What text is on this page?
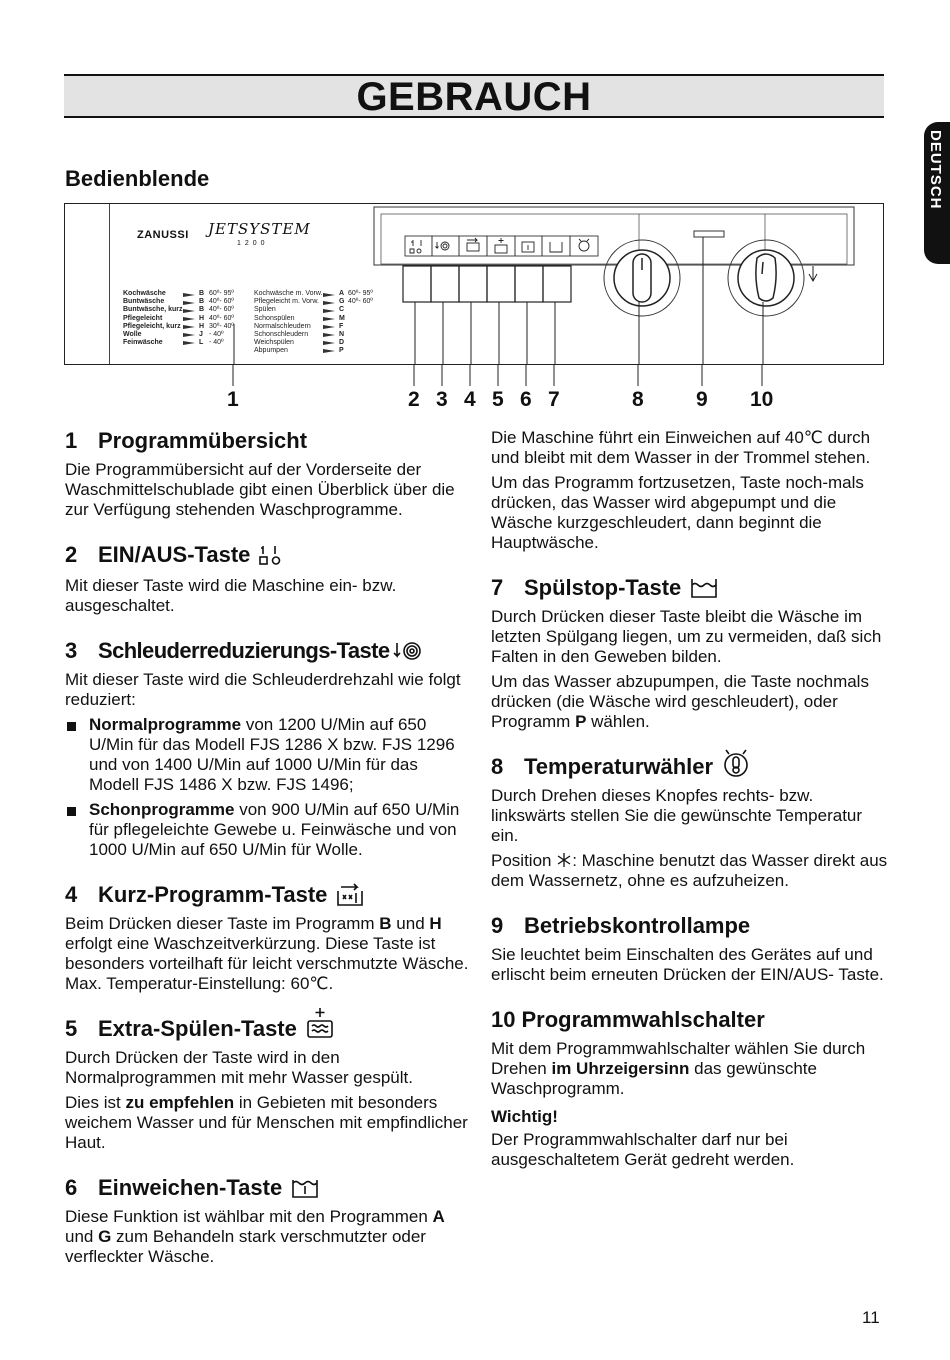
GEBRAUCH
DEUTSCH
Bedienblende
ZANUSSI JETSYSTEM
1200
Kochwäsche	B 60º- 95º
Buntwäsche	B 40º- 60º
Buntwäsche, kurz B 40º- 60º
Pflegeleicht	H 40º- 60º
Pflegeleicht, kurz	H 30º- 40º
Wolle	J - 40º
Feinwäsche	L - 40º
Kochwäsche m. Vorw. A 60º- 95º
Pflegeleicht m. Vorw.	G 40º- 60º
Spülen	C
Schonspülen	M
Normalschleudern	F
Schonschleudern	N
Weichspülen	D
Abpumpen	P
1	2 3 4 5 6 7	8 9 10
1 Programmübersicht

Die Programmübersicht auf der Vorderseite der Waschmittelschublade gibt einen Überblick über die zur Verfügung stehenden Waschprogramme.

2 EIN/AUS-Taste

Mit dieser Taste wird die Maschine ein- bzw. ausgeschaltet.

3 Schleuderreduzierungs-Taste

Mit dieser Taste wird die Schleuderdrehzahl wie folgt reduziert:

Normalprogramme von 1200 U/Min auf 650 U/Min für das Modell FJS 1286 X bzw. FJS 1296 und von 1400 U/Min auf 1000 U/Min für das Modell FJS 1486 X bzw. FJS 1496;
Schonprogramme von 900 U/Min auf 650 U/Min für pflegeleichte Gewebe u. Feinwäsche und von 1000 U/Min auf 650 U/Min für Wolle.
4 Kurz-Programm-Taste

Beim Drücken dieser Taste im Programm B und H erfolgt eine Waschzeitverkürzung. Diese Taste ist besonders vorteilhaft für leicht verschmutzte Wäsche. Max. Temperatur-Einstellung: 60℃.

5 Extra-Spülen-Taste

Durch Drücken der Taste wird in den Normalprogrammen mit mehr Wasser gespült.

Dies ist zu empfehlen in Gebieten mit besonders weichem Wasser und für Menschen mit empfindlicher Haut.

6 Einweichen-Taste

Diese Funktion ist wählbar mit den Programmen A und G zum Behandeln stark verschmutzter oder verfleckter Wäsche.

Die Maschine führt ein Einweichen auf 40℃ durch und bleibt mit dem Wasser in der Trommel stehen.

Um das Programm fortzusetzen, Taste noch-mals drücken, das Wasser wird abgepumpt und die Wäsche kurzgeschleudert, dann beginnt die Hauptwäsche.

7 Spülstop-Taste

Durch Drücken dieser Taste bleibt die Wäsche im letzten Spülgang liegen, um zu vermeiden, daß sich Falten in den Geweben bilden.

Um das Wasser abzupumpen, die Taste nochmals drücken (die Wäsche wird geschleudert), oder Programm P wählen.

8 Temperaturwähler

Durch Drehen dieses Knopfes rechts- bzw. linkswärts stellen Sie die gewünschte Temperatur ein.

Position : Maschine benutzt das Wasser direkt aus dem Wassernetz, ohne es aufzuheizen.

9 Betriebskontrollampe

Sie leuchtet beim Einschalten des Gerätes auf und erlischt beim erneuten Drücken der EIN/AUS- Taste.

10 Programmwahlschalter

Mit dem Programmwahlschalter wählen Sie durch Drehen im Uhrzeigersinn das gewünschte Waschprogramm.

Wichtig!

Der Programmwahlschalter darf nur bei ausgeschaltetem Gerät gedreht werden.

11
